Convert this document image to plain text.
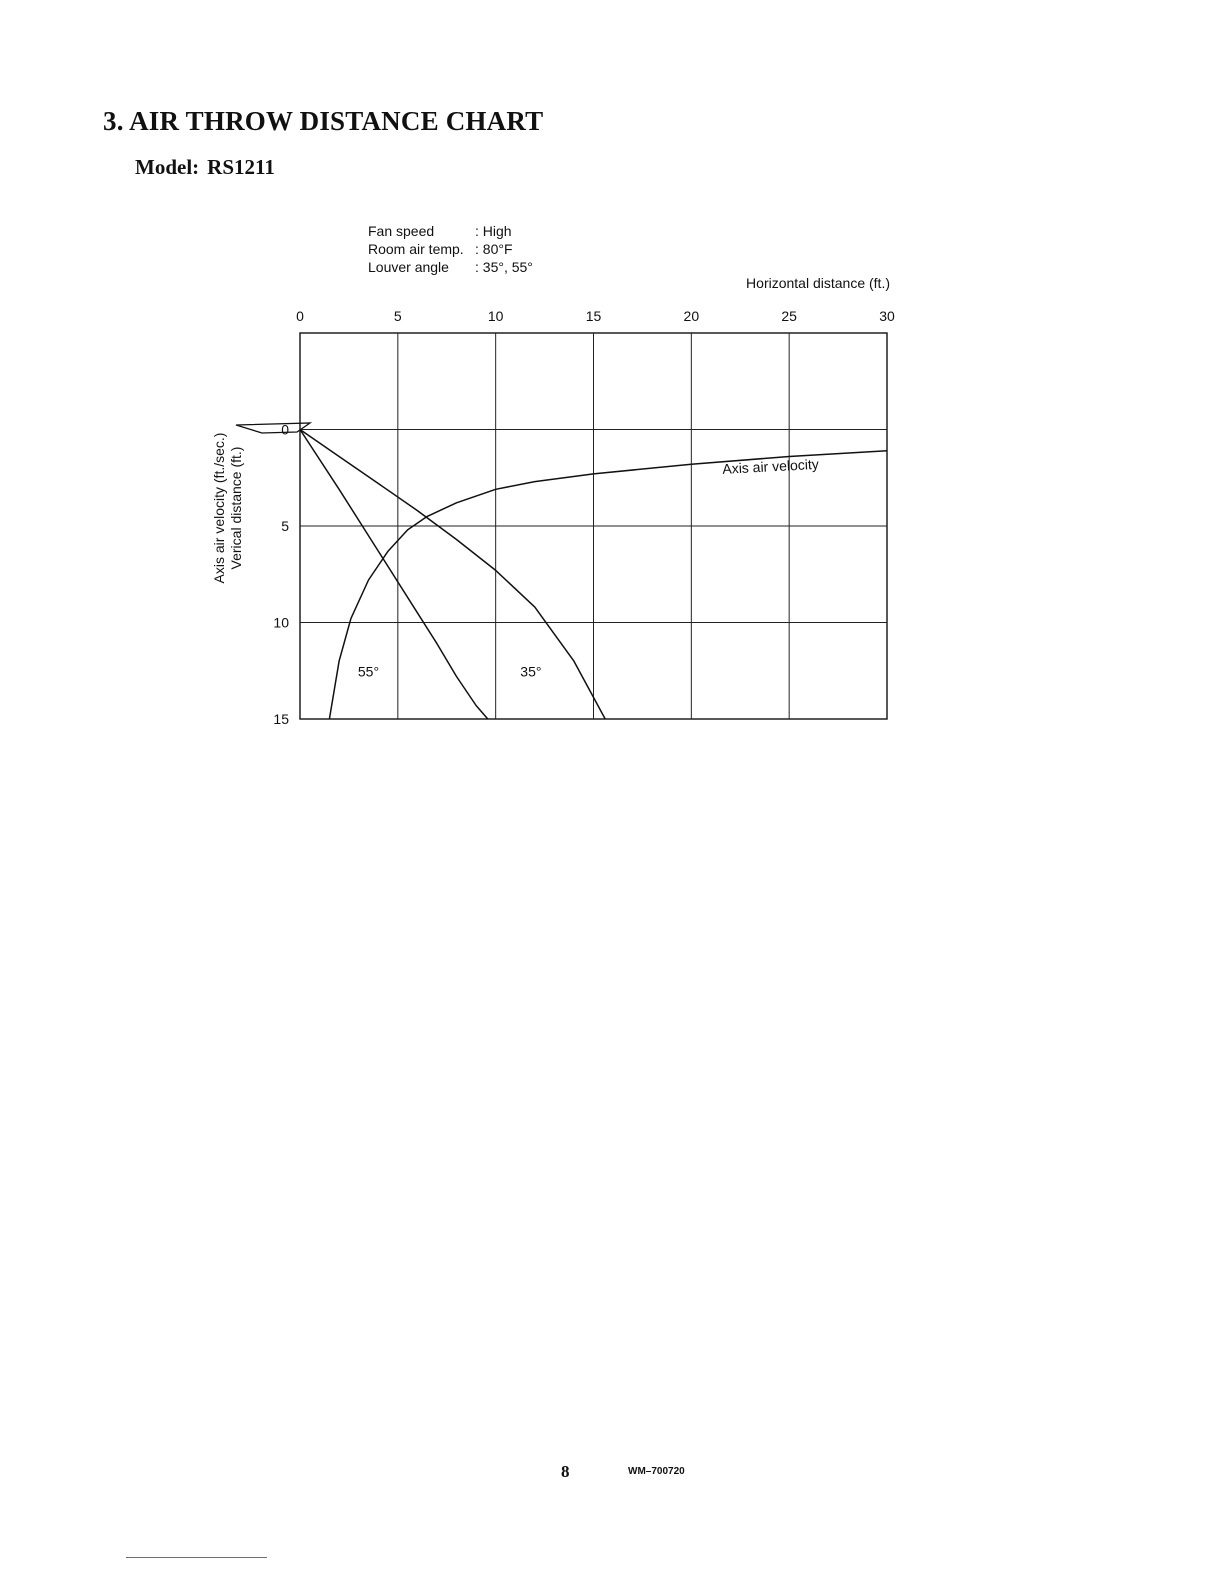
3. AIR THROW DISTANCE CHART
Model: RS1211
Fan speed	: High
Room air temp. : 80°F
Louver angle : 35°, 55°
0	5	10	15	20	25	30
0
5
10
15
Horizontal distance (ft.)
Axis air velocity (ft./sec.) Verical distance (ft.)
55°	35°
Axis air velocity
8	WM–700720
